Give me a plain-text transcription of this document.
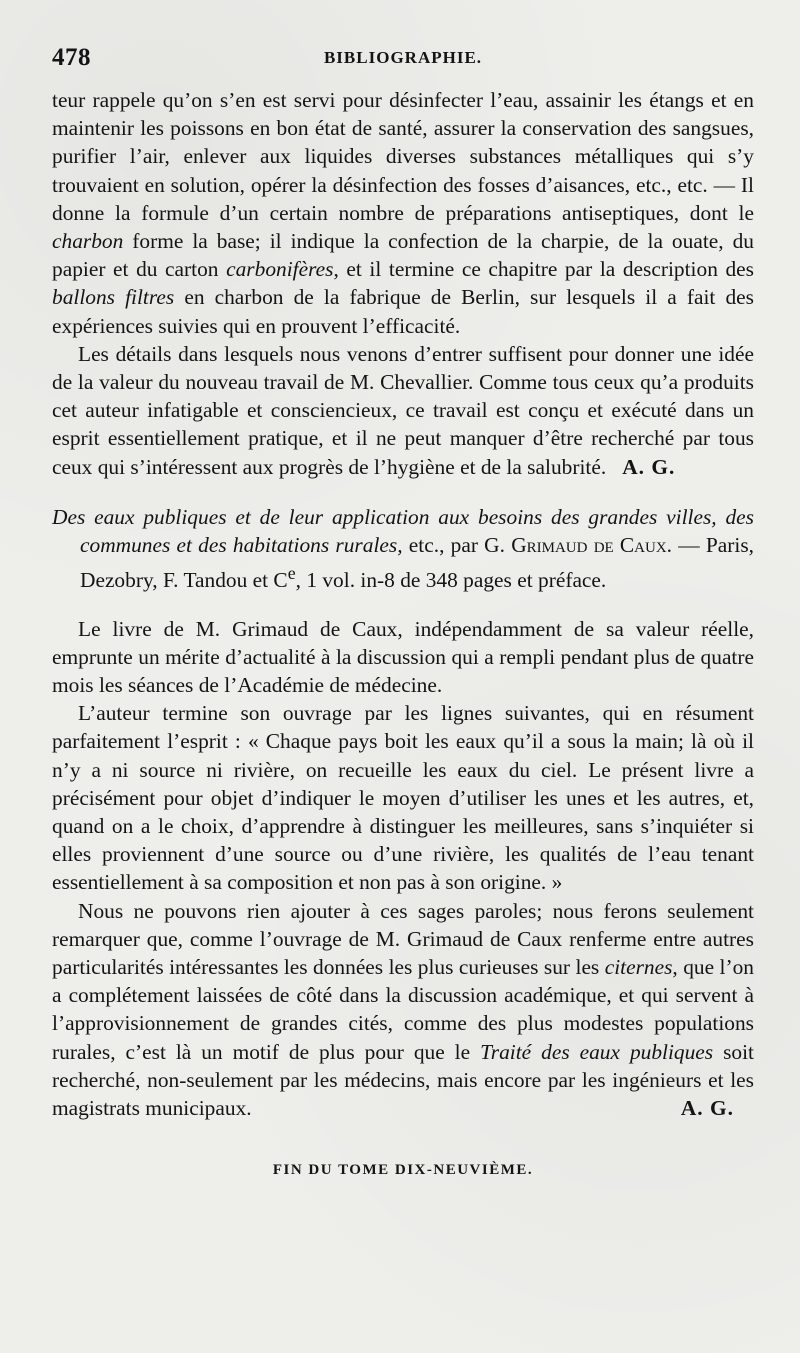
478	BIBLIOGRAPHIE.

teur rappele qu’on s’en est servi pour désinfecter l’eau, assainir les étangs et en maintenir les poissons en bon état de santé, assurer la conservation des sangsues, purifier l’air, enlever aux liquides diverses substances métalliques qui s’y trouvaient en solution, opérer la désinfection des fosses d’aisances, etc., etc. — Il donne la formule d’un certain nombre de préparations antiseptiques, dont le charbon forme la base; il indique la confection de la charpie, de la ouate, du papier et du carton carbonifères, et il termine ce chapitre par la description des ballons filtres en charbon de la fabrique de Berlin, sur lesquels il a fait des expériences suivies qui en prouvent l’efficacité.

Les détails dans lesquels nous venons d’entrer suffisent pour donner une idée de la valeur du nouveau travail de M. Chevallier. Comme tous ceux qu’a produits cet auteur infatigable et consciencieux, ce travail est conçu et exécuté dans un esprit essentiellement pratique, et il ne peut manquer d’être recherché par tous ceux qui s’intéressent aux progrès de l’hygiène et de la salubrité. A. G.

Des eaux publiques et de leur application aux besoins des grandes villes, des communes et des habitations rurales, etc., par G. Grimaud de Caux. — Paris, Dezobry, F. Tandou et Ce, 1 vol. in-8 de 348 pages et préface.

Le livre de M. Grimaud de Caux, indépendamment de sa valeur réelle, emprunte un mérite d’actualité à la discussion qui a rempli pendant plus de quatre mois les séances de l’Académie de médecine.

L’auteur termine son ouvrage par les lignes suivantes, qui en résument parfaitement l’esprit : « Chaque pays boit les eaux qu’il a sous la main; là où il n’y a ni source ni rivière, on recueille les eaux du ciel. Le présent livre a précisément pour objet d’indiquer le moyen d’utiliser les unes et les autres, et, quand on a le choix, d’apprendre à distinguer les meilleures, sans s’inquiéter si elles proviennent d’une source ou d’une rivière, les qualités de l’eau tenant essentiellement à sa composition et non pas à son origine. »

Nous ne pouvons rien ajouter à ces sages paroles; nous ferons seulement remarquer que, comme l’ouvrage de M. Grimaud de Caux renferme entre autres particularités intéressantes les données les plus curieuses sur les citernes, que l’on a complétement laissées de côté dans la discussion académique, et qui servent à l’approvisionnement de grandes cités, comme des plus modestes populations rurales, c’est là un motif de plus pour que le Traité des eaux publiques soit recherché, non-seulement par les médecins, mais encore par les ingénieurs et les magistrats municipaux.	A. G.

FIN DU TOME DIX-NEUVIÈME.
